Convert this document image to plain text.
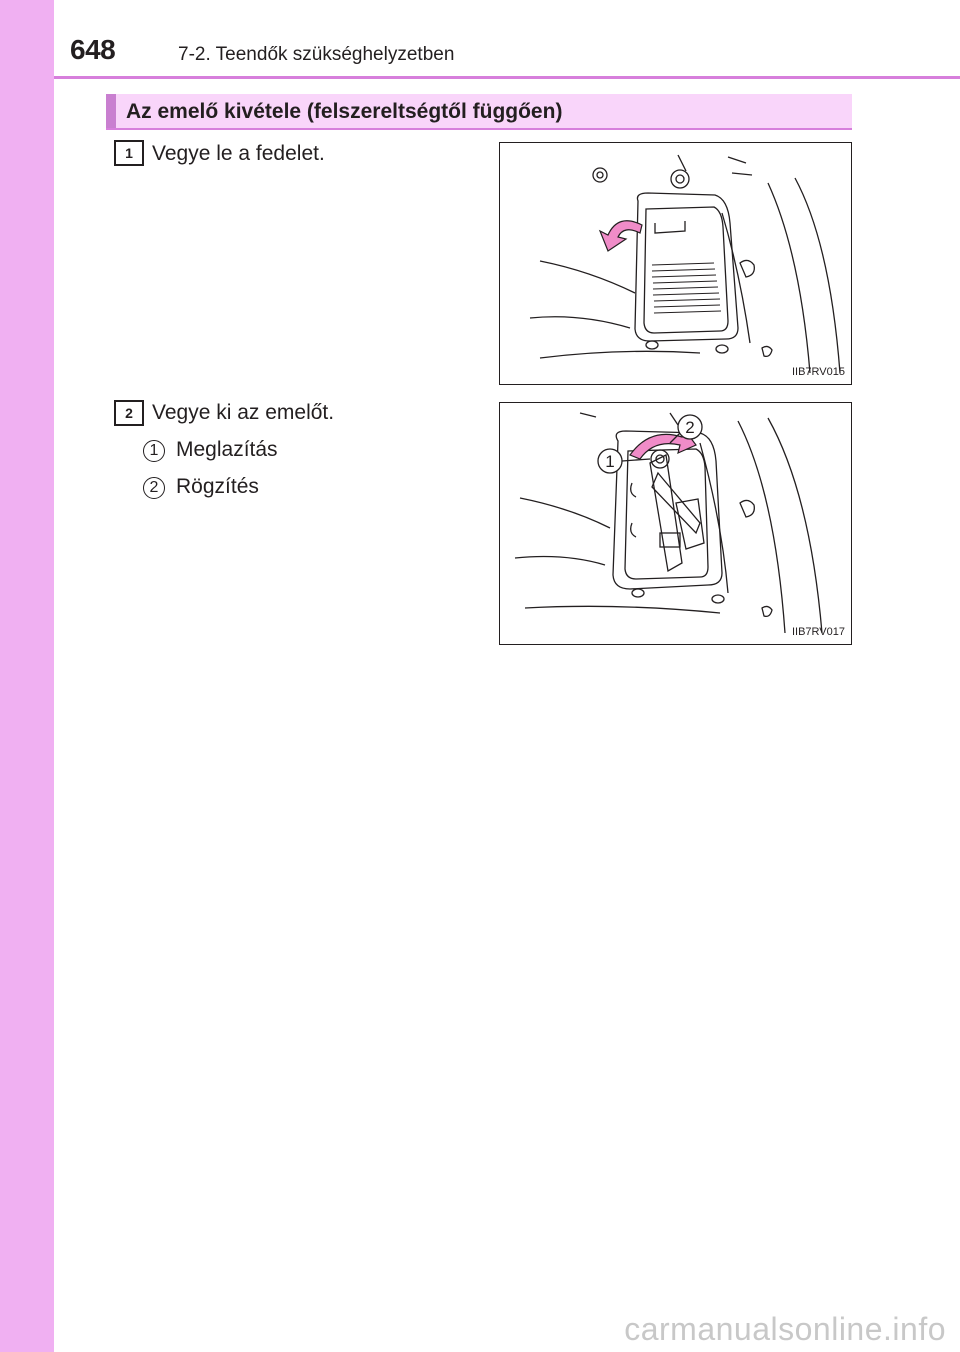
648	7-2. Teendők szükséghelyzetben
Az emelő kivétele (felszereltségtől függően)
1 Vegye le a fedelet.
IIB7RV015
2 Vegye ki az emelőt.
1 Meglazítás
2 Rögzítés
1
2
IIB7RV017
carmanualsonline.info
